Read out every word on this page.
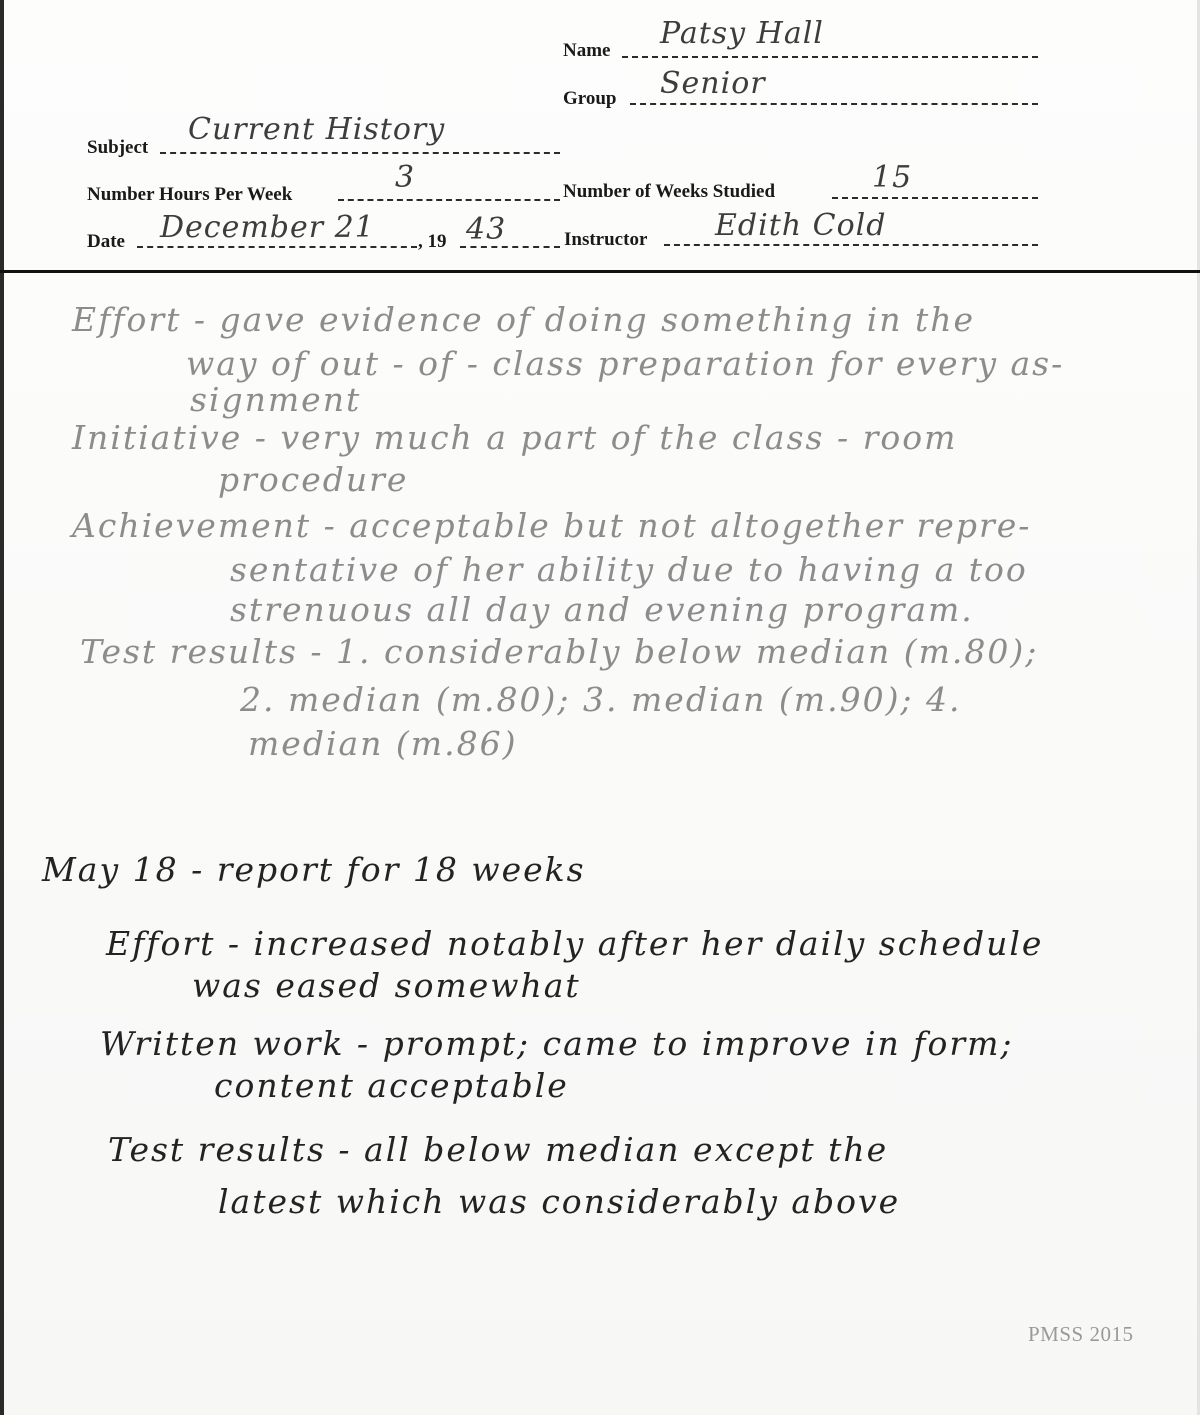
Name Patsy Hall
Group Senior
Subject
Current History
Number Hours Per Week	3	Number of Weeks Studied	15
Date December 21 , 19 43	Instructor Edith Cold
Effort - gave evidence of doing something in the
way of out - of - class preparation for every as-
signment
Initiative - very much a part of the class - room
procedure
Achievement - acceptable but not altogether repre-
sentative of her ability due to having a too
strenuous all day and evening program.
Test results - 1. considerably below median (m.80);
2. median (m.80); 3. median (m.90); 4.
median (m.86)
May 18 - report for 18 weeks
Effort - increased notably after her daily schedule
was eased somewhat
Written work - prompt; came to improve in form;
content acceptable
Test results - all below median except the
latest which was considerably above
PMSS 2015
